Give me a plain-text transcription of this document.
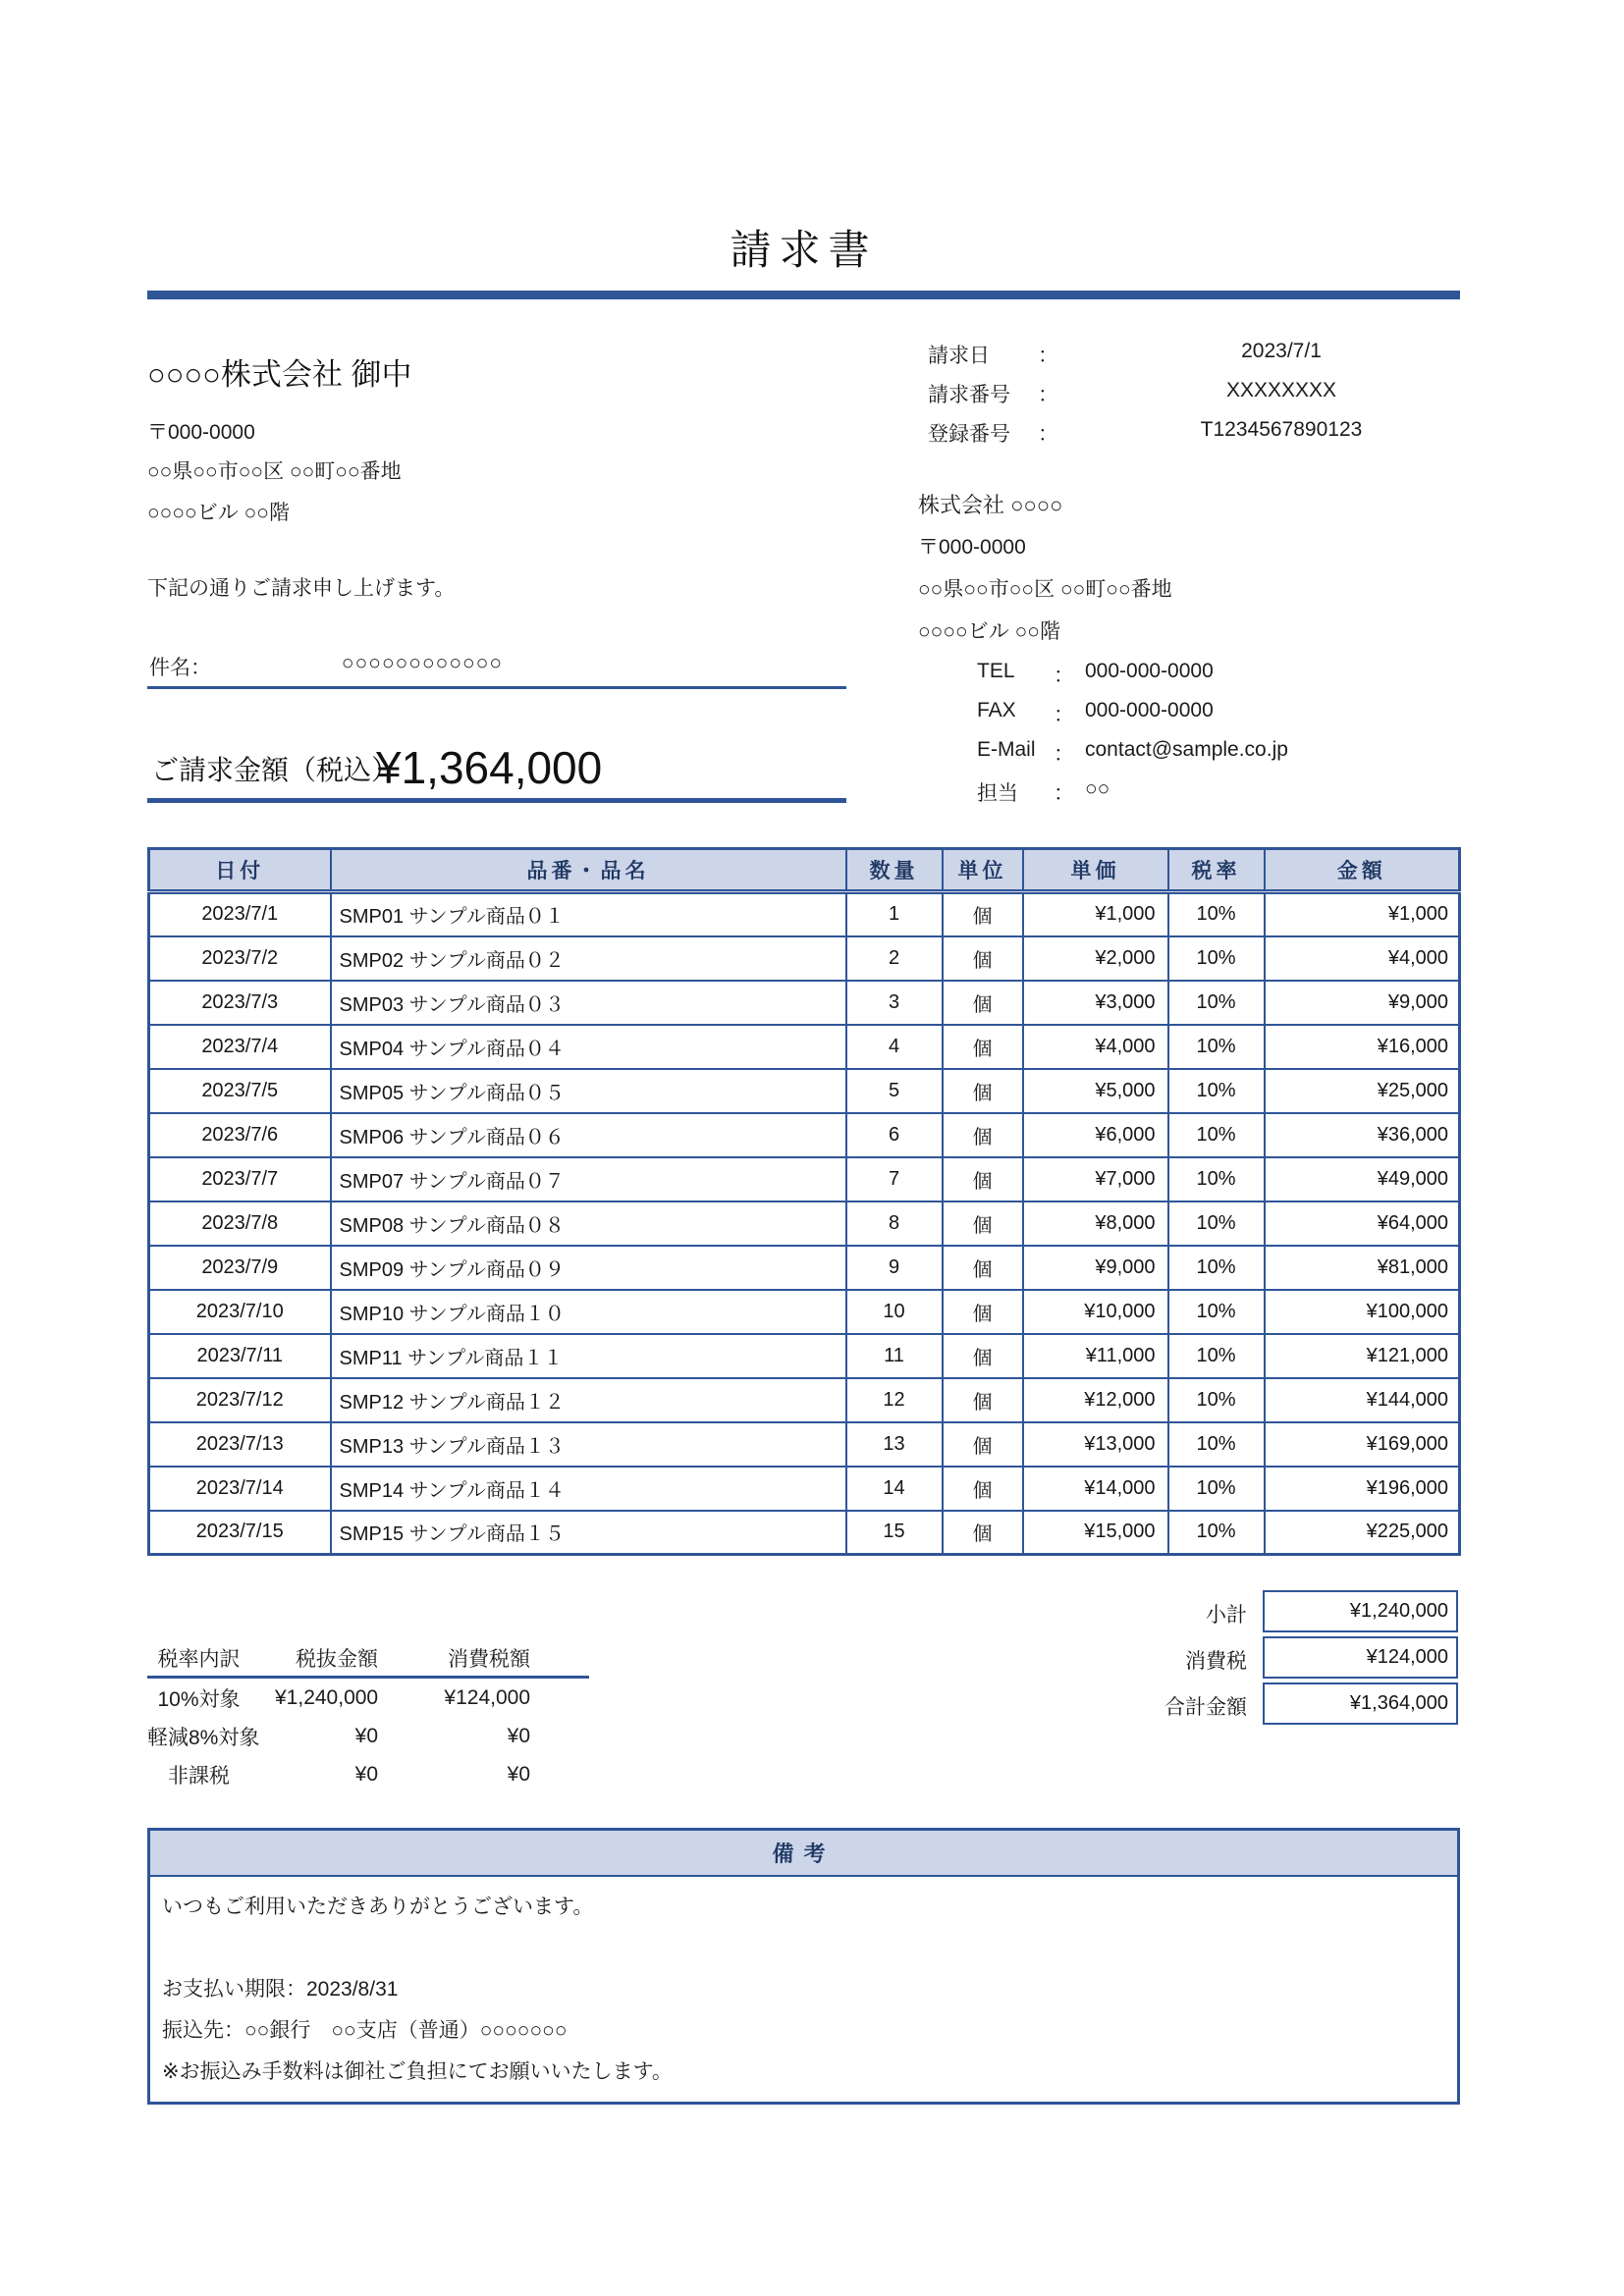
請求書
○○○○株式会社 御中
〒000-0000
○○県○○市○○区 ○○町○○番地
○○○○ビル ○○階
下記の通りご請求申し上げます。
件名：	○○○○○○○○○○○○
ご請求金額（税込）
¥1,364,000
請求日 ：	2023/7/1
請求番号 ：	XXXXXXXX
登録番号 ：	T1234567890123
株式会社 ○○○○
〒000-0000
○○県○○市○○区 ○○町○○番地
○○○○ビル ○○階
TEL ： 000-000-0000
FAX ： 000-000-0000
E-Mail ： contact@sample.co.jp
担当 ： ○○
日付	品番・品名	数量	単位	単価	税率	金額
2023/7/1	SMP01 サンプル商品０１	1	個	¥1,000	10%	¥1,000
2023/7/2	SMP02 サンプル商品０２	2	個	¥2,000	10%	¥4,000
2023/7/3	SMP03 サンプル商品０３	3	個	¥3,000	10%	¥9,000
2023/7/4	SMP04 サンプル商品０４	4	個	¥4,000	10%	¥16,000
2023/7/5	SMP05 サンプル商品０５	5	個	¥5,000	10%	¥25,000
2023/7/6	SMP06 サンプル商品０６	6	個	¥6,000	10%	¥36,000
2023/7/7	SMP07 サンプル商品０７	7	個	¥7,000	10%	¥49,000
2023/7/8	SMP08 サンプル商品０８	8	個	¥8,000	10%	¥64,000
2023/7/9	SMP09 サンプル商品０９	9	個	¥9,000	10%	¥81,000
2023/7/10	SMP10 サンプル商品１０	10	個	¥10,000	10%	¥100,000
2023/7/11	SMP11 サンプル商品１１	11	個	¥11,000	10%	¥121,000
2023/7/12	SMP12 サンプル商品１２	12	個	¥12,000	10%	¥144,000
2023/7/13	SMP13 サンプル商品１３	13	個	¥13,000	10%	¥169,000
2023/7/14	SMP14 サンプル商品１４	14	個	¥14,000	10%	¥196,000
2023/7/15	SMP15 サンプル商品１５	15	個	¥15,000	10%	¥225,000
小計	¥1,240,000
消費税	¥124,000
合計金額	¥1,364,000
税率内訳	税抜金額	消費税額
10%対象	¥1,240,000	¥124,000
軽減8%対象	¥0	¥0
非課税	¥0	¥0
備考
いつもご利用いただきありがとうございます。
お支払い期限：2023/8/31
振込先：○○銀行　○○支店（普通）○○○○○○○
※お振込み手数料は御社ご負担にてお願いいたします。
